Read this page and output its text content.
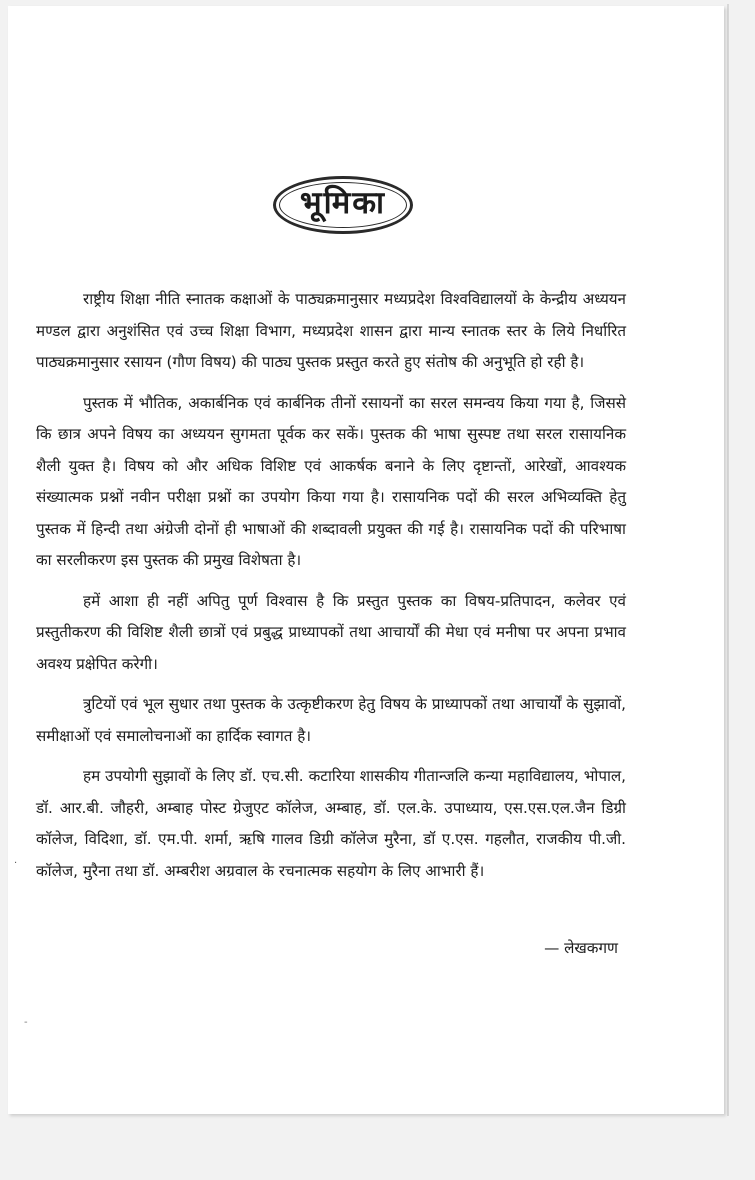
भूमिका

राष्ट्रीय शिक्षा नीति स्नातक कक्षाओं के पाठ्यक्रमानुसार मध्यप्रदेश विश्वविद्यालयों के केन्द्रीय अध्ययन मण्डल द्वारा अनुशंसित एवं उच्च शिक्षा विभाग, मध्यप्रदेश शासन द्वारा मान्य स्नातक स्तर के लिये निर्धारित पाठ्यक्रमानुसार रसायन (गौण विषय) की पाठ्य पुस्तक प्रस्तुत करते हुए संतोष की अनुभूति हो रही है।

पुस्तक में भौतिक, अकार्बनिक एवं कार्बनिक तीनों रसायनों का सरल समन्वय किया गया है, जिससे कि छात्र अपने विषय का अध्ययन सुगमता पूर्वक कर सकें। पुस्तक की भाषा सुस्पष्ट तथा सरल रासायनिक शैली युक्त है। विषय को और अधिक विशिष्ट एवं आकर्षक बनाने के लिए दृष्टान्तों, आरेखों, आवश्यक संख्यात्मक प्रश्नों नवीन परीक्षा प्रश्नों का उपयोग किया गया है। रासायनिक पदों की सरल अभिव्यक्ति हेतु पुस्तक में हिन्दी तथा अंग्रेजी दोनों ही भाषाओं की शब्दावली प्रयुक्त की गई है। रासायनिक पदों की परिभाषा का सरलीकरण इस पुस्तक की प्रमुख विशेषता है।

हमें आशा ही नहीं अपितु पूर्ण विश्वास है कि प्रस्तुत पुस्तक का विषय-प्रतिपादन, कलेवर एवं प्रस्तुतीकरण की विशिष्ट शैली छात्रों एवं प्रबुद्ध प्राध्यापकों तथा आचार्यों की मेधा एवं मनीषा पर अपना प्रभाव अवश्य प्रक्षेपित करेगी।

त्रुटियों एवं भूल सुधार तथा पुस्तक के उत्कृष्टीकरण हेतु विषय के प्राध्यापकों तथा आचार्यों के सुझावों, समीक्षाओं एवं समालोचनाओं का हार्दिक स्वागत है।

हम उपयोगी सुझावों के लिए डॉ. एच.सी. कटारिया शासकीय गीतान्जलि कन्या महाविद्यालय, भोपाल, डॉ. आर.बी. जौहरी, अम्बाह पोस्ट ग्रेजुएट कॉलेज, अम्बाह, डॉ. एल.के. उपाध्याय, एस.एस.एल.जैन डिग्री कॉलेज, विदिशा, डॉ. एम.पी. शर्मा, ऋषि गालव डिग्री कॉलेज मुरैना, डॉ ए.एस. गहलौत, राजकीय पी.जी. कॉलेज, मुरैना तथा डॉ. अम्बरीश अग्रवाल के रचनात्मक सहयोग के लिए आभारी हैं।

— लेखकगण
·
-
